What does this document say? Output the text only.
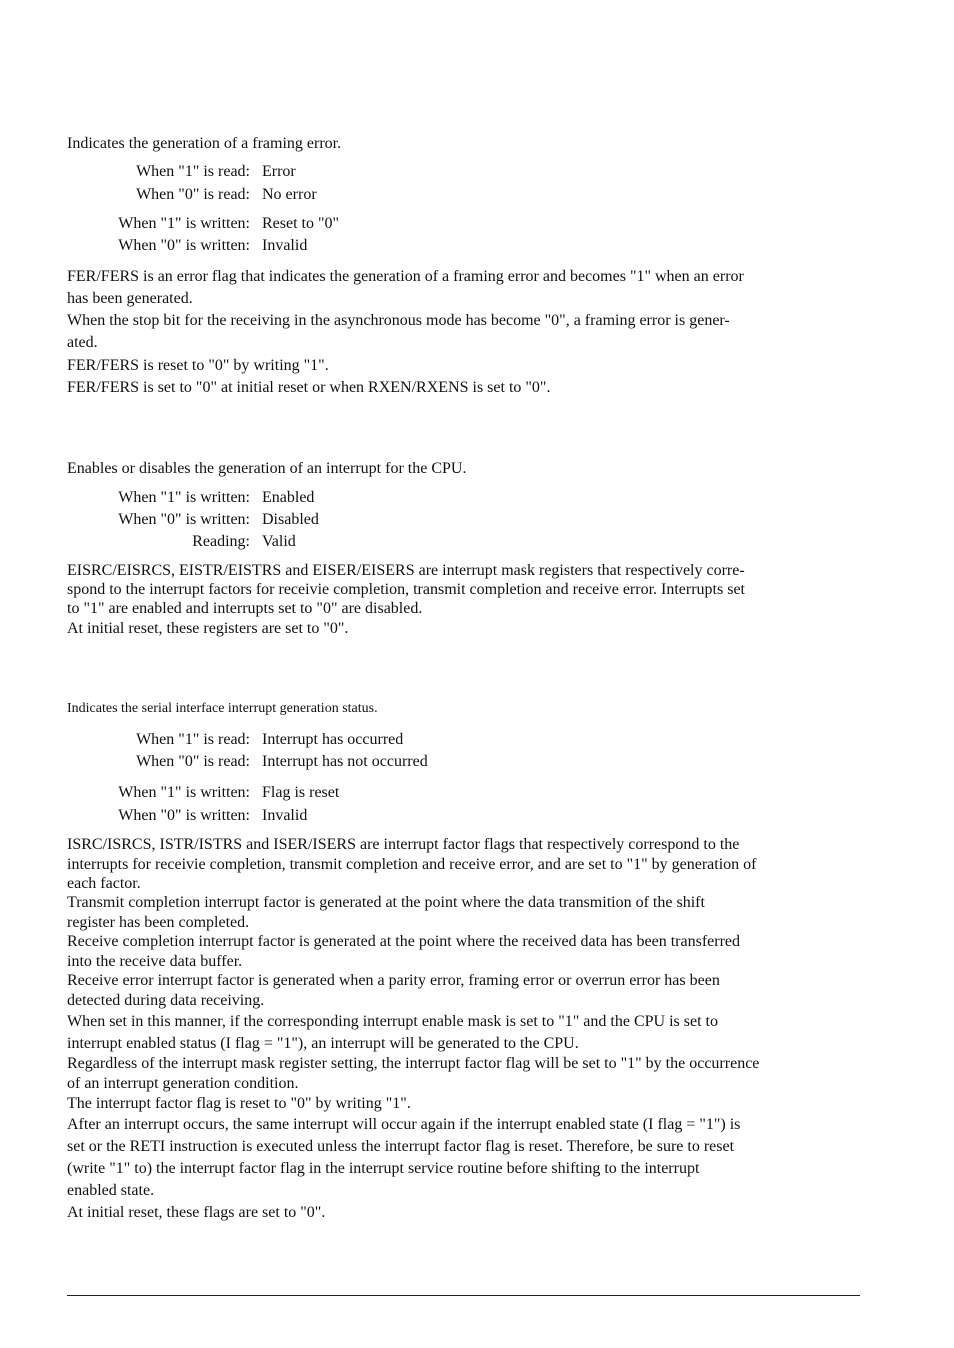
Indicates the generation of a framing error.
When "1" is read: Error
When "0" is read: No error
When "1" is written: Reset to "0"
When "0" is written: Invalid
FER/FERS is an error flag that indicates the generation of a framing error and becomes "1" when an error
has been generated.
When the stop bit for the receiving in the asynchronous mode has become "0", a framing error is gener-
ated.
FER/FERS is reset to "0" by writing "1".
FER/FERS is set to "0" at initial reset or when RXEN/RXENS is set to "0".
Enables or disables the generation of an interrupt for the CPU.
When "1" is written: Enabled
When "0" is written: Disabled
Reading: Valid
EISRC/EISRCS, EISTR/EISTRS and EISER/EISERS are interrupt mask registers that respectively corre-
spond to the interrupt factors for receivie completion, transmit completion and receive error. Interrupts set
to "1" are enabled and interrupts set to "0" are disabled.
At initial reset, these registers are set to "0".
Indicates the serial interface interrupt generation status.
When "1" is read: Interrupt has occurred
When "0" is read: Interrupt has not occurred
When "1" is written: Flag is reset
When "0" is written: Invalid
ISRC/ISRCS, ISTR/ISTRS and ISER/ISERS are interrupt factor flags that respectively correspond to the
interrupts for receivie completion, transmit completion and receive error, and are set to "1" by generation of
each factor.
Transmit completion interrupt factor is generated at the point where the data transmition of the shift
register has been completed.
Receive completion interrupt factor is generated at the point where the received data has been transferred
into the receive data buffer.
Receive error interrupt factor is generated when a parity error, framing error or overrun error has been
detected during data receiving.
When set in this manner, if the corresponding interrupt enable mask is set to "1" and the CPU is set to
interrupt enabled status (I flag = "1"), an interrupt will be generated to the CPU.
Regardless of the interrupt mask register setting, the interrupt factor flag will be set to "1" by the occurrence
of an interrupt generation condition.
The interrupt factor flag is reset to "0" by writing "1".
After an interrupt occurs, the same interrupt will occur again if the interrupt enabled state (I flag = "1") is
set or the RETI instruction is executed unless the interrupt factor flag is reset. Therefore, be sure to reset
(write "1" to) the interrupt factor flag in the interrupt service routine before shifting to the interrupt
enabled state.
At initial reset, these flags are set to "0".
